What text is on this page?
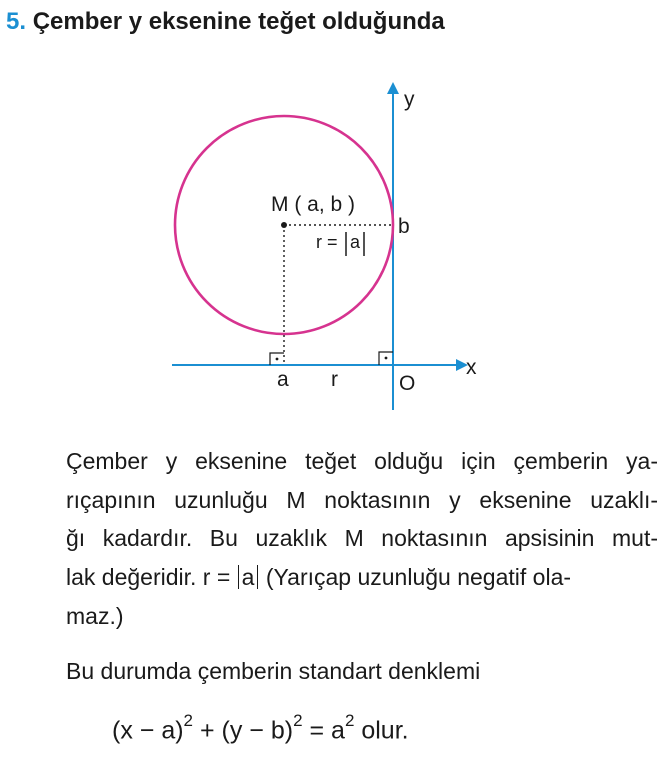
5. Çember y eksenine teğet olduğunda
y
x
M ( a, b )
b
r = a
a r	O
Çember y eksenine teğet olduğu için çemberin ya-
rıçapının uzunluğu M noktasının y eksenine uzaklı-
ğı kadardır. Bu uzaklık M noktasının apsisinin mut-
lak değeridir. r = a (Yarıçap uzunluğu negatif ola-
maz.)
Bu durumda çemberin standart denklemi
$(x - a)^2 + (y - b)^2 = a^2$ olur.
